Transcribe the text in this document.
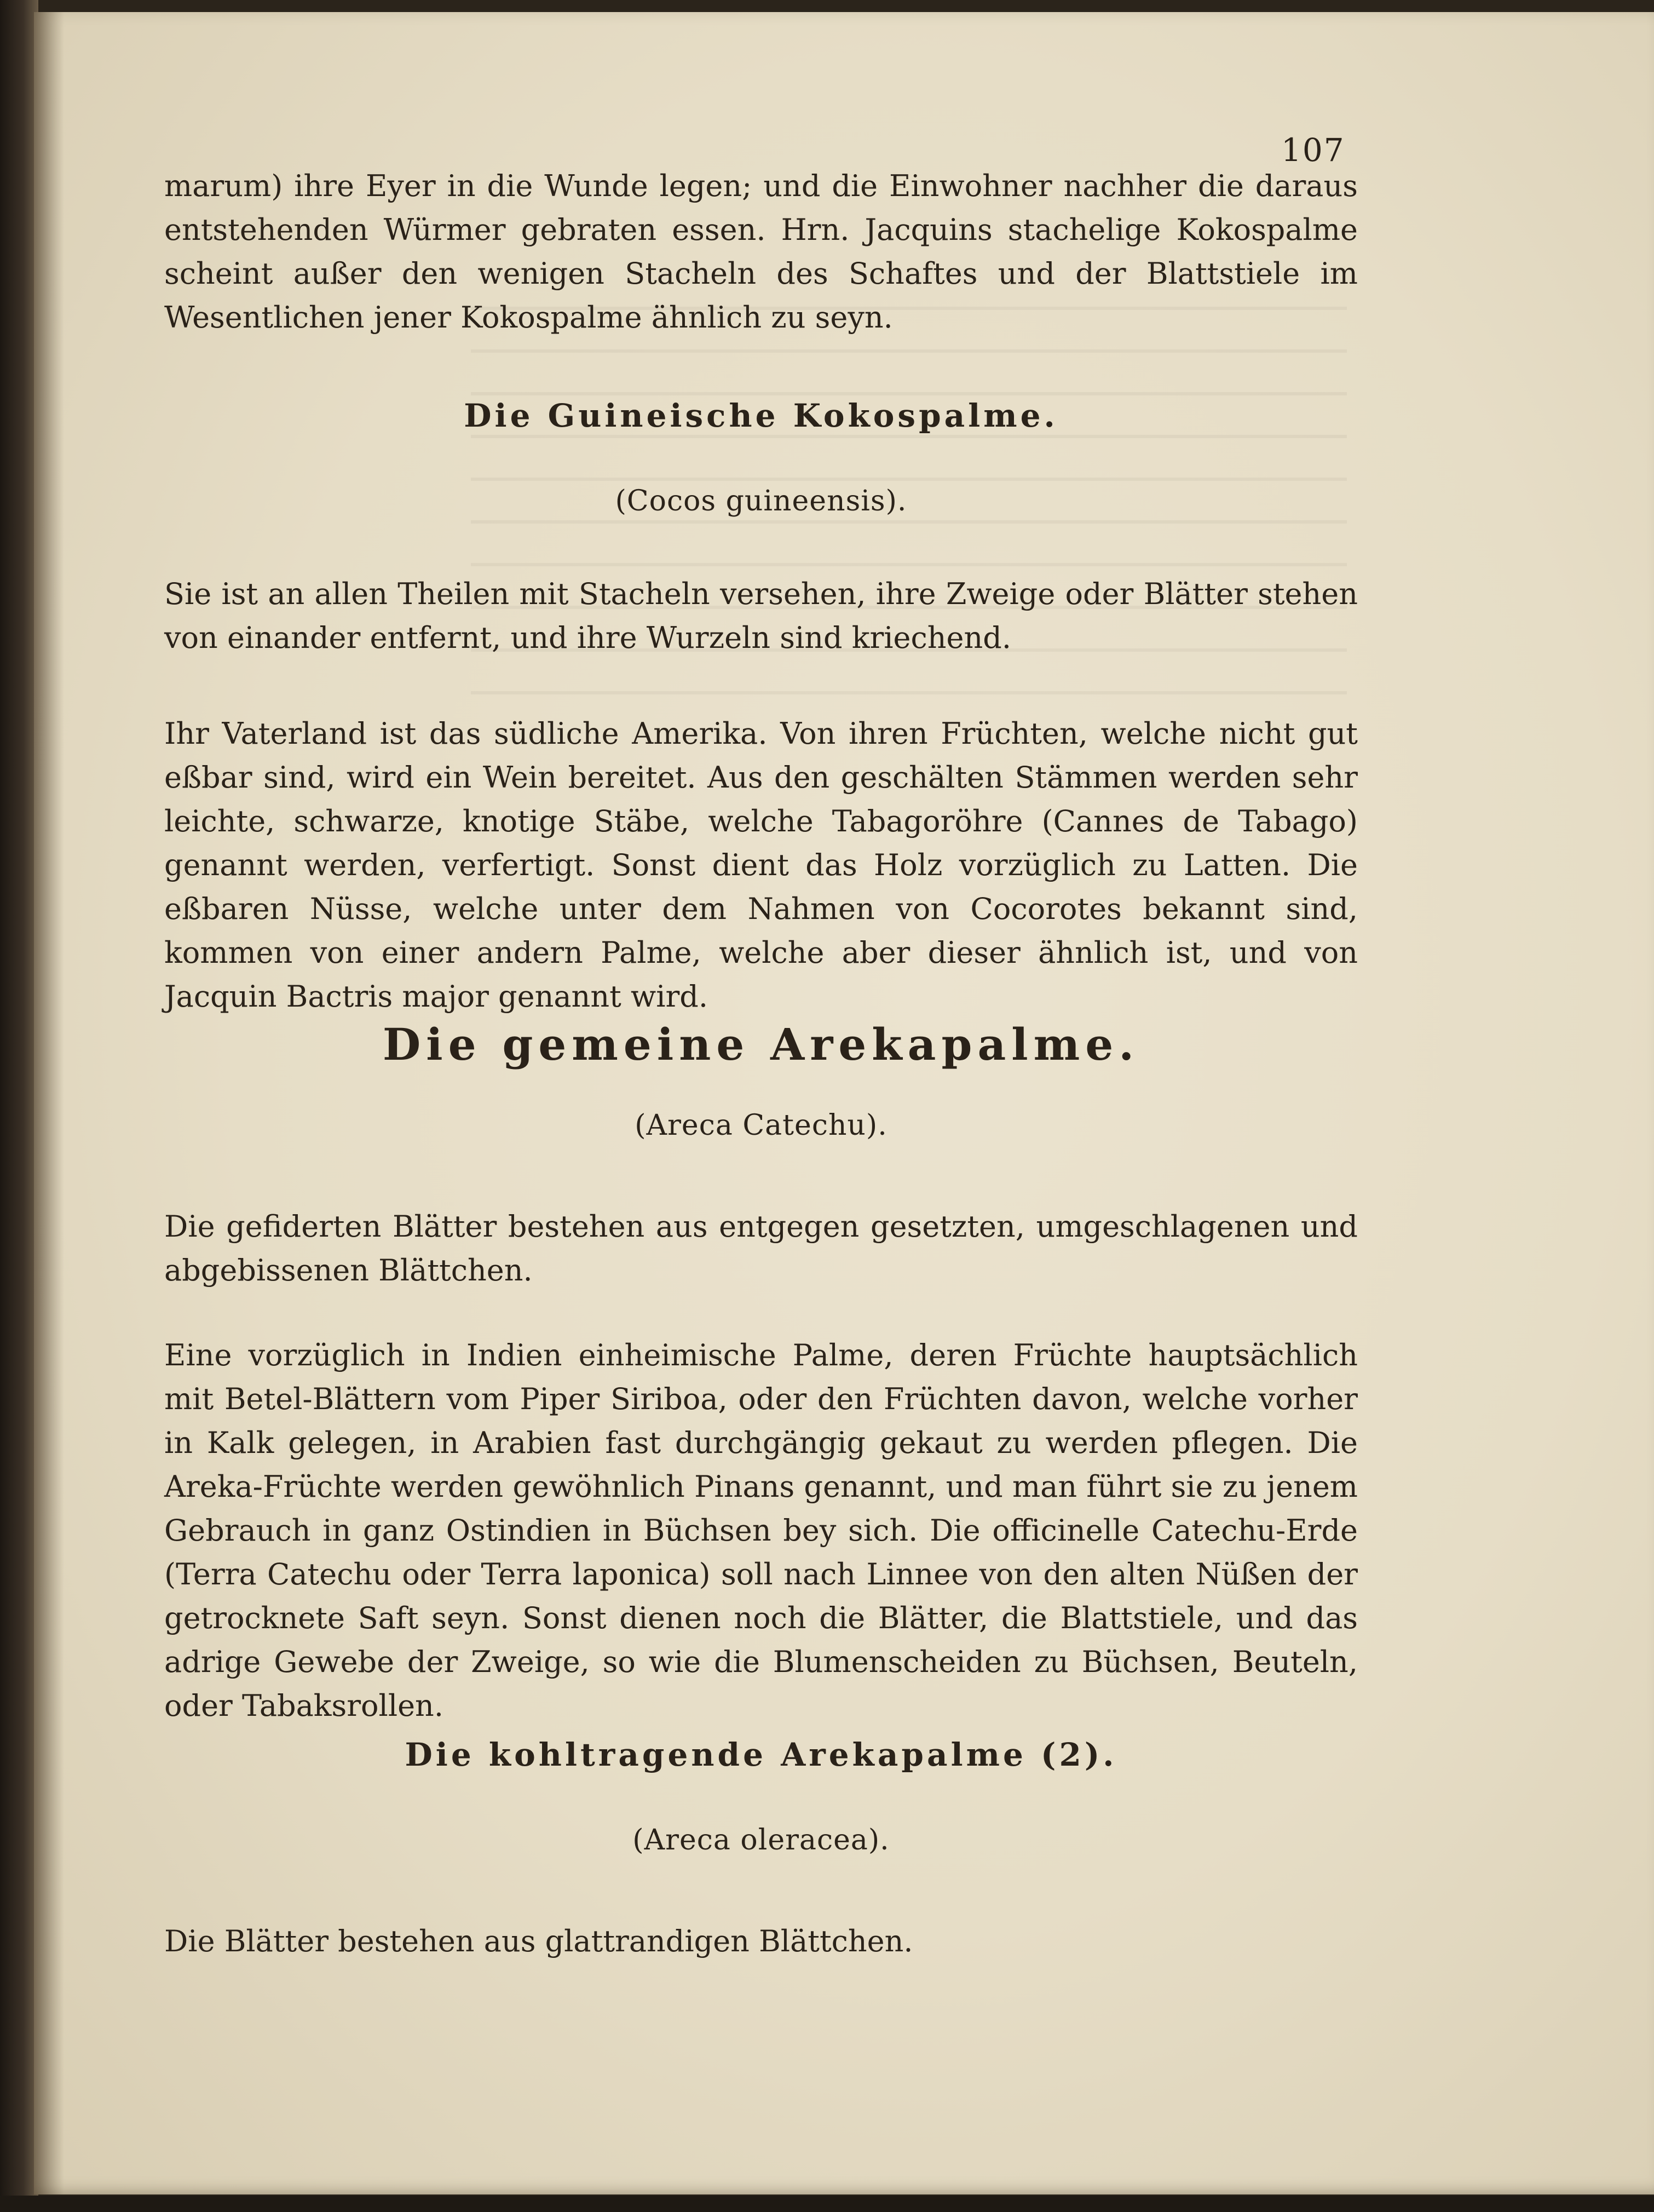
107

marum) ihre Eyer in die Wunde legen; und die Einwohner nachher die daraus entstehenden Würmer gebraten essen. Hrn. Jacquins stachelige Kokospalme scheint außer den wenigen Stacheln des Schaftes und der Blattstiele im Wesentlichen jener Kokospalme ähnlich zu seyn.

Die Guineische Kokospalme.

(Cocos guineensis).

Sie ist an allen Theilen mit Stacheln versehen, ihre Zweige oder Blätter stehen von einander entfernt, und ihre Wurzeln sind kriechend.

Ihr Vaterland ist das südliche Amerika. Von ihren Früchten, welche nicht gut eßbar sind, wird ein Wein bereitet. Aus den geschälten Stämmen werden sehr leichte, schwarze, knotige Stäbe, welche Tabagoröhre (Cannes de Tabago) genannt werden, verfertigt. Sonst dient das Holz vorzüglich zu Latten. Die eßbaren Nüsse, welche unter dem Nahmen von Cocorotes bekannt sind, kommen von einer andern Palme, welche aber dieser ähnlich ist, und von Jacquin Bactris major genannt wird.

Die gemeine Arekapalme.

(Areca Catechu).

Die gefiderten Blätter bestehen aus entgegen gesetzten, umgeschlagenen und abgebissenen Blättchen.

Eine vorzüglich in Indien einheimische Palme, deren Früchte hauptsächlich mit Betel-Blättern vom Piper Siriboa, oder den Früchten davon, welche vorher in Kalk gelegen, in Arabien fast durchgängig gekaut zu werden pflegen. Die Areka-Früchte werden gewöhnlich Pinans genannt, und man führt sie zu jenem Gebrauch in ganz Ostindien in Büchsen bey sich. Die officinelle Catechu-Erde (Terra Catechu oder Terra laponica) soll nach Linnee von den alten Nüßen der getrocknete Saft seyn. Sonst dienen noch die Blätter, die Blattstiele, und das adrige Gewebe der Zweige, so wie die Blumenscheiden zu Büchsen, Beuteln, oder Tabaksrollen.

Die kohltragende Arekapalme (2).

(Areca oleracea).

Die Blätter bestehen aus glattrandigen Blättchen.
